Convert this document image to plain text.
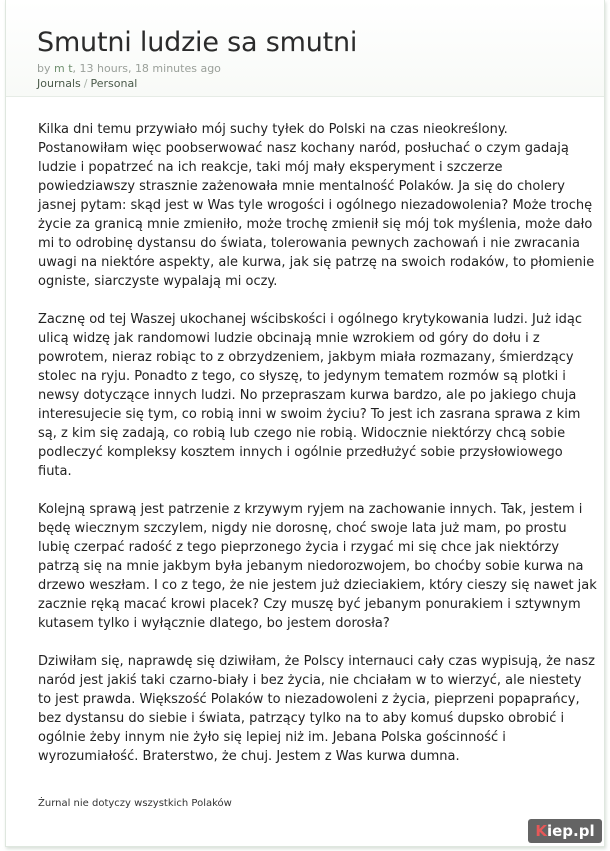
Smutni ludzie sa smutni
by m t, 13 hours, 18 minutes ago
Journals / Personal

Kilka dni temu przywiało mój suchy tyłek do Polski na czas nieokreślony. Postanowiłam więc poobserwować nasz kochany naród, posłuchać o czym gadają ludzie i popatrzeć na ich reakcje, taki mój mały eksperyment i szczerze powiedziawszy strasznie zażenowała mnie mentalność Polaków. Ja się do cholery jasnej pytam: skąd jest w Was tyle wrogości i ogólnego niezadowolenia? Może trochę życie za granicą mnie zmieniło, może trochę zmienił się mój tok myślenia, może dało mi to odrobinę dystansu do świata, tolerowania pewnych zachowań i nie zwracania uwagi na niektóre aspekty, ale kurwa, jak się patrzę na swoich rodaków, to płomienie ogniste, siarczyste wypalają mi oczy.

Zacznę od tej Waszej ukochanej wścibskości i ogólnego krytykowania ludzi. Już idąc ulicą widzę jak randomowi ludzie obcinają mnie wzrokiem od góry do dołu i z powrotem, nieraz robiąc to z obrzydzeniem, jakbym miała rozmazany, śmierdzący stolec na ryju. Ponadto z tego, co słyszę, to jedynym tematem rozmów są plotki i newsy dotyczące innych ludzi. No przepraszam kurwa bardzo, ale po jakiego chuja interesujecie się tym, co robią inni w swoim życiu? To jest ich zasrana sprawa z kim są, z kim się zadają, co robią lub czego nie robią. Widocznie niektórzy chcą sobie podleczyć kompleksy kosztem innych i ogólnie przedłużyć sobie przysłowiowego fiuta.

Kolejną sprawą jest patrzenie z krzywym ryjem na zachowanie innych. Tak, jestem i będę wiecznym szczylem, nigdy nie dorosnę, choć swoje lata już mam, po prostu lubię czerpać radość z tego pieprzonego życia i rzygać mi się chce jak niektórzy patrzą się na mnie jakbym była jebanym niedorozwojem, bo choćby sobie kurwa na drzewo weszłam. I co z tego, że nie jestem już dzieciakiem, który cieszy się nawet jak zacznie ręką macać krowi placek? Czy muszę być jebanym ponurakiem i sztywnym kutasem tylko i wyłącznie dlatego, bo jestem dorosła?

Dziwiłam się, naprawdę się dziwiłam, że Polscy internauci cały czas wypisują, że nasz naród jest jakiś taki czarno-biały i bez życia, nie chciałam w to wierzyć, ale niestety to jest prawda. Większość Polaków to niezadowoleni z życia, pieprzeni popaprańcy, bez dystansu do siebie i świata, patrzący tylko na to aby komuś dupsko obrobić i ogólnie żeby innym nie żyło się lepiej niż im. Jebana Polska gościnność i wyrozumiałość. Braterstwo, że chuj. Jestem z Was kurwa dumna.

Żurnal nie dotyczy wszystkich Polaków
K iep.pl
